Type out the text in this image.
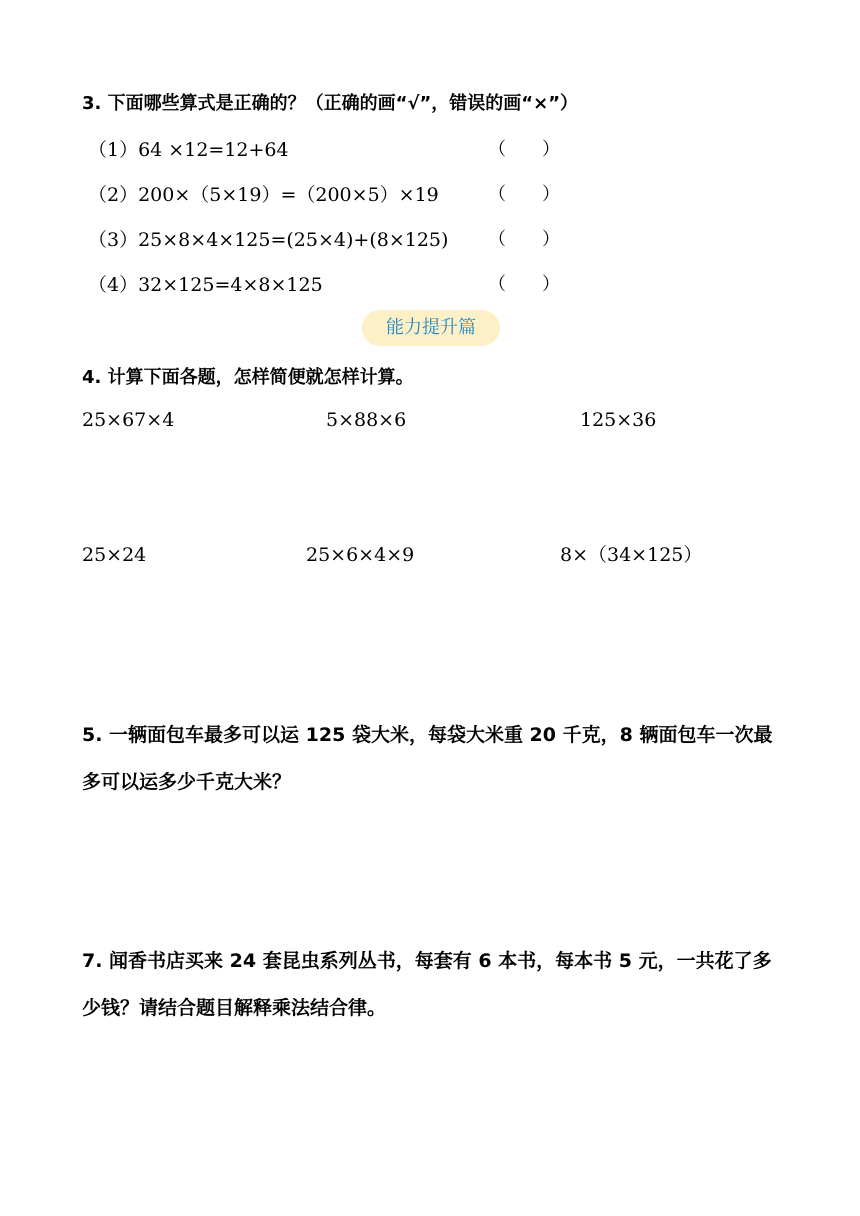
3. 下面哪些算式是正确的？（正确的画“√”，错误的画“×”）
（1）64 ×12=12+64	（　　）
（2）200×（5×19）=（200×5）×19	（　　）
（3）25×8×4×125=(25×4)+(8×125) （　　）
（4）32×125=4×8×125	（　　）
能力提升篇
4. 计算下面各题，怎样简便就怎样计算。
25×67×4	5×88×6	125×36
25×24	25×6×4×9	8×（34×125）
5. 一辆面包车最多可以运 125 袋大米，每袋大米重 20 千克，8 辆面包车一次最
多可以运多少千克大米？
7. 闻香书店买来 24 套昆虫系列丛书，每套有 6 本书，每本书 5 元，一共花了多
少钱？请结合题目解释乘法结合律。
